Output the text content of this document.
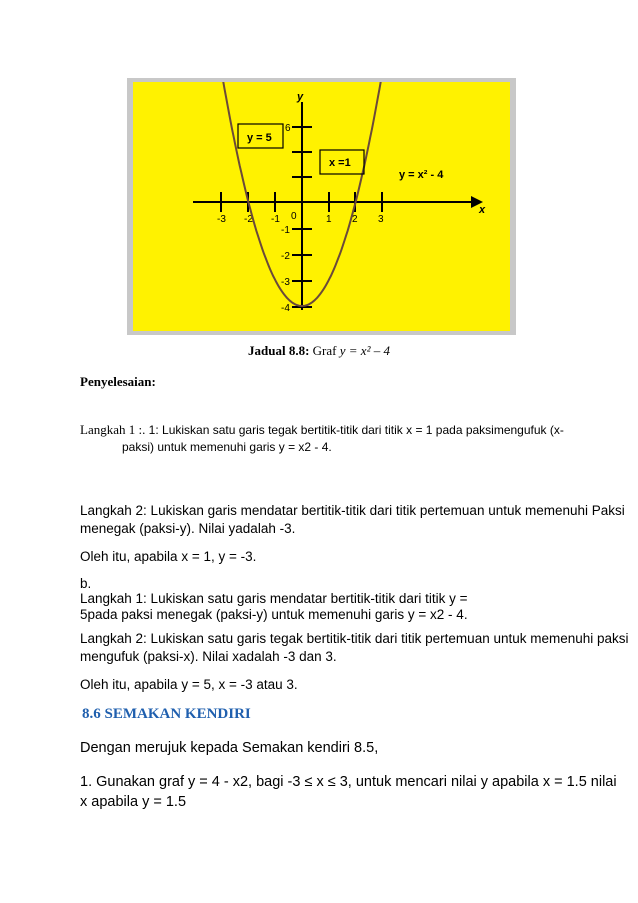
x
y
-3 -2 -1 0	1 2 3
6
-1
-2
-3
-4
y = 5
x =1
y = x² - 4
Jadual 8.8: Graf y = x² – 4
Penyelesaian:
Langkah 1 :. 1: Lukiskan satu garis tegak bertitik-titik dari titik x = 1 pada paksimengufuk (x-
paksi) untuk memenuhi garis y = x2 - 4.
Langkah 2: Lukiskan garis mendatar bertitik-titik dari titik pertemuan untuk memenuhi Paksi
menegak (paksi-y). Nilai yadalah -3.
Oleh itu, apabila x = 1, y = -3.
b.
Langkah 1: Lukiskan satu garis mendatar bertitik-titik dari titik y =
5pada paksi menegak (paksi-y) untuk memenuhi garis y = x2 - 4.
Langkah 2: Lukiskan satu garis tegak bertitik-titik dari titik pertemuan untuk memenuhi paksi
mengufuk (paksi-x). Nilai xadalah -3 dan 3.
Oleh itu, apabila y = 5, x = -3 atau 3.
8.6 SEMAKAN KENDIRI
Dengan merujuk kepada Semakan kendiri 8.5,
1. Gunakan graf y = 4 - x2, bagi -3 ≤ x ≤ 3, untuk mencari nilai y apabila x = 1.5 nilai
x apabila y = 1.5
